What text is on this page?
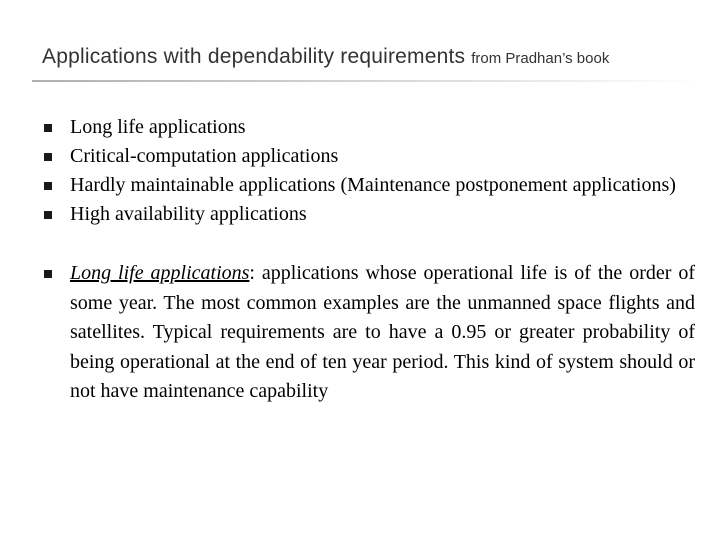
Applications with dependability requirements from Pradhan’s book
Long life applications
Critical-computation applications
Hardly maintainable applications (Maintenance postponement applications)
High availability applications
Long life applications: applications whose operational life is of the order of some year. The most common examples are the unmanned space flights and satellites. Typical requirements are to have a 0.95 or greater probability of being operational at the end of ten year period. This kind of system should or not have maintenance capability
